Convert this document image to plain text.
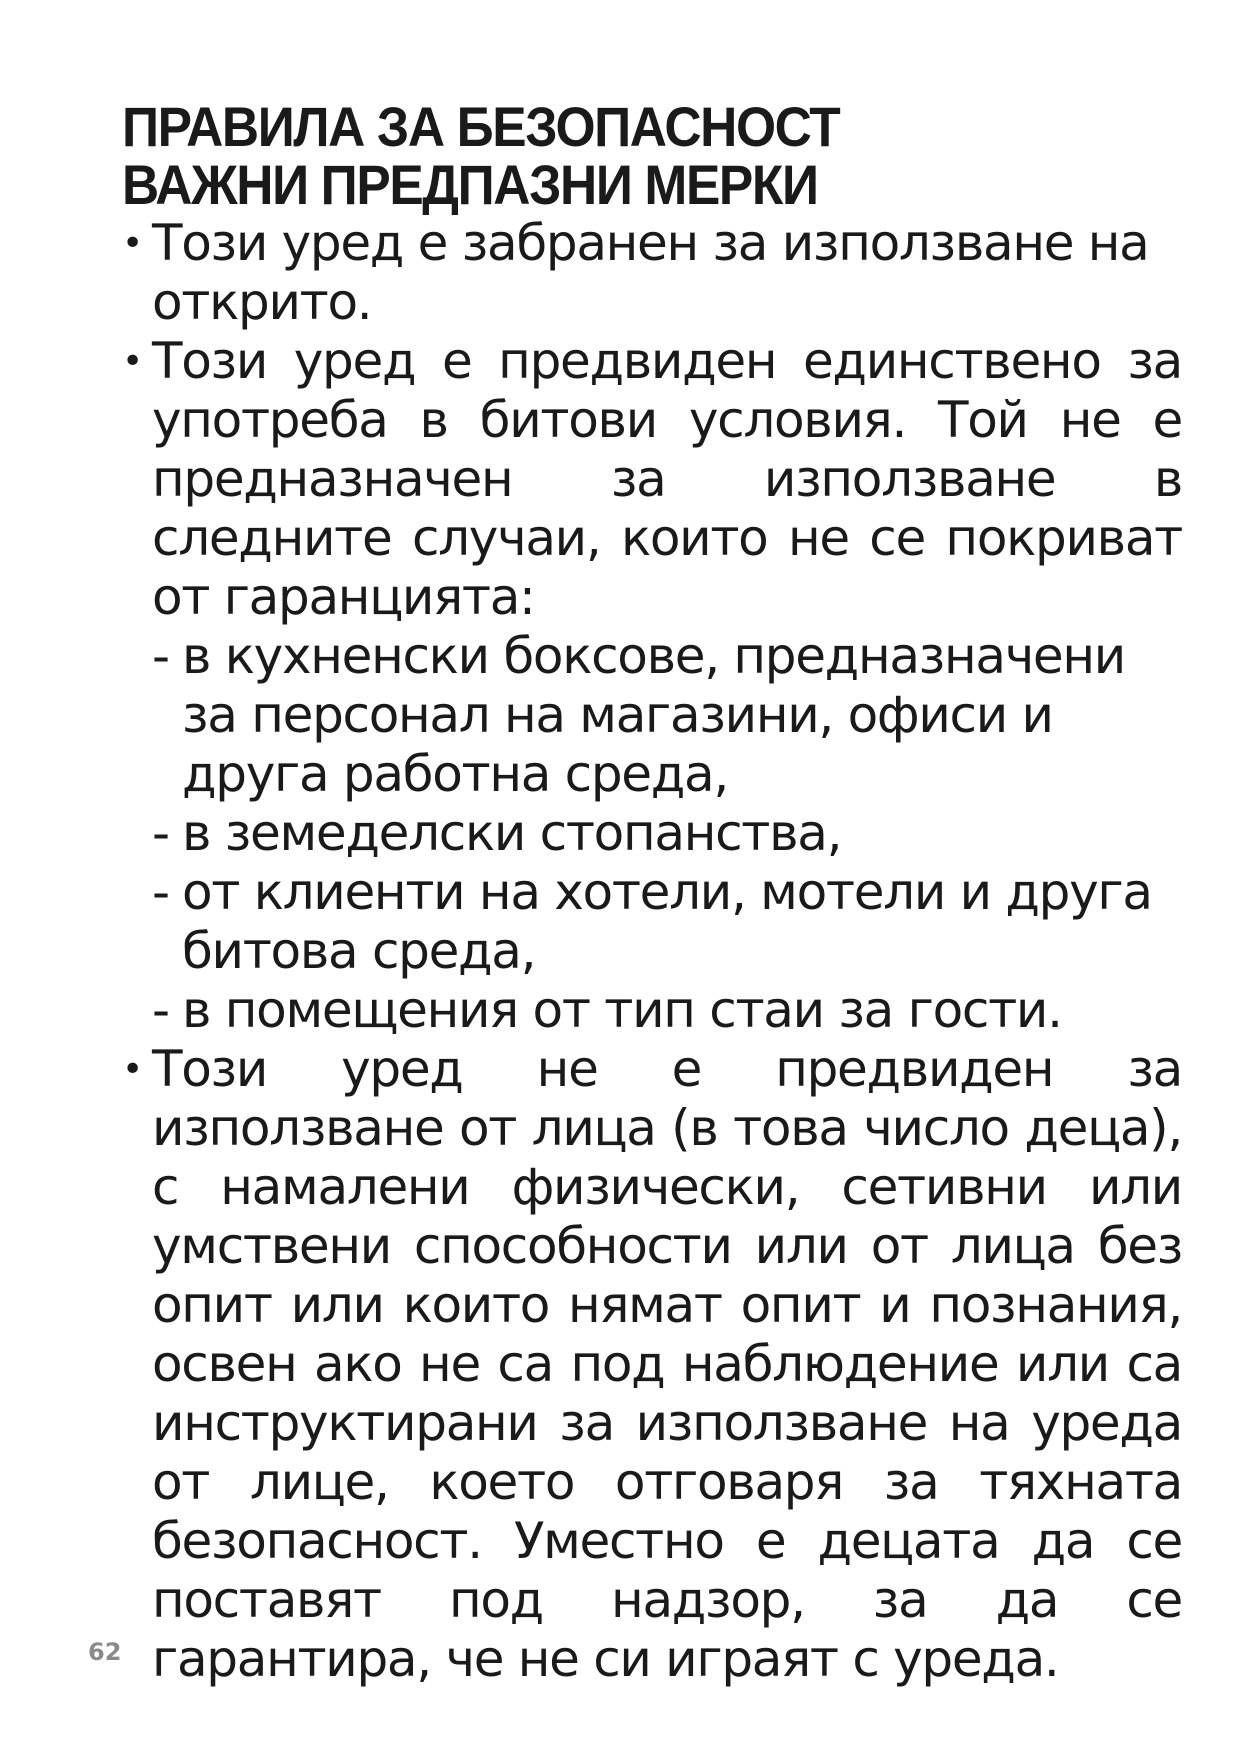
ПРАВИЛА ЗА БЕЗОПАСНОСТ
ВАЖНИ ПРЕДПАЗНИ МЕРКИ
• Този уред е забранен за използване на открито.
• Този уред е предвиден единствено за употреба в битови условия. Той не е предназначен за използване в следните случаи, които не се покриват от гаранцията:
- в кухненски боксове, предназначени за персонал на магазини, офиси и друга работна среда,
- в земеделски стопанства,
- от клиенти на хотели, мотели и друга битова среда,
- в помещения от тип стаи за гости.
• Този уред не е предвиден за използване от лица (в това число деца), с намалени физически, сетивни или умствени способности или от лица без опит или които нямат опит и познания, освен ако не са под наблюдение или са инструктирани за използване на уреда от лице, което отговаря за тяхната безопасност. Уместно е децата да се поставят под надзор, за да се гарантира, че не си играят с уреда.
62
